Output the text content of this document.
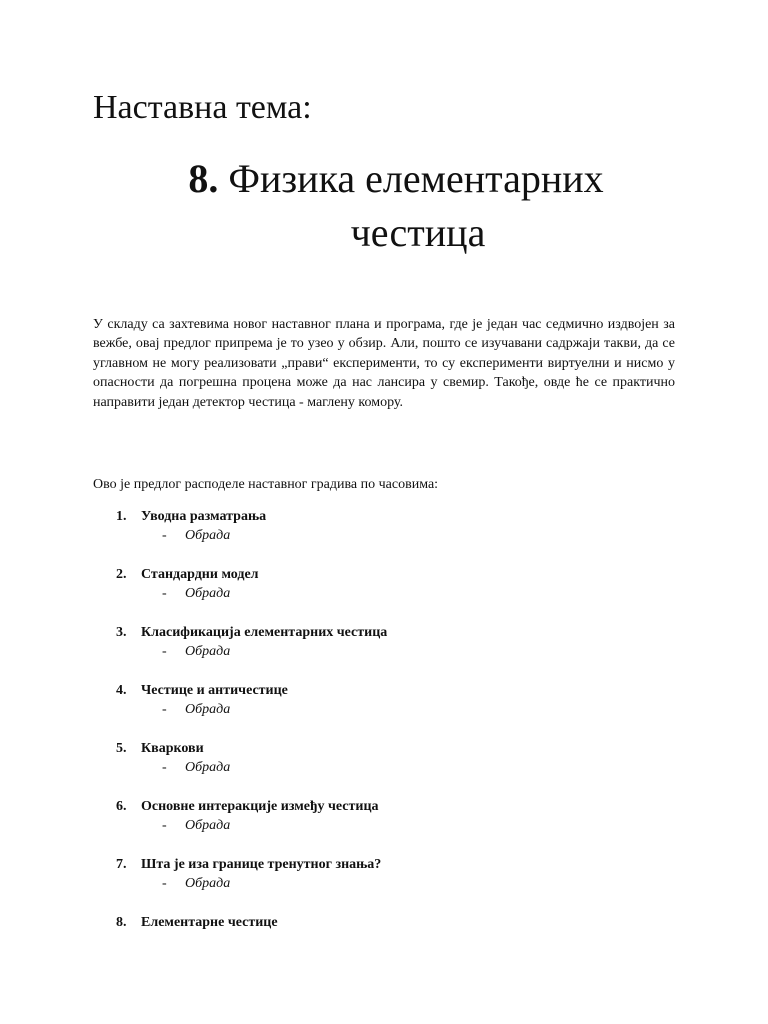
Наставна тема:
8. Физика елементарних
честица

У складу са захтевима новог наставног плана и програма, где је један час седмично издвојен за вежбе, овај предлог припрема је то узео у обзир. Али, пошто се изучавани садржаји такви, да се углавном не могу реализовати „прави“ експерименти, то су експерименти виртуелни и нисмо у опасности да погрешна процена може да нас лансира у свемир. Такође, овде ће се практично направити један детектор честица - маглену комору.

Ово је предлог расподеле наставног градива по часовима:

1. Уводна разматрања
- Обрада
2. Стандардни модел
- Обрада
3. Класификација елементарних честица
- Обрада
4. Честице и античестице
- Обрада
5. Кваркови
- Обрада
6. Основне интеракције између честица
- Обрада
7. Шта је иза границе тренутног знања?
- Обрада
8. Елементарне честице
